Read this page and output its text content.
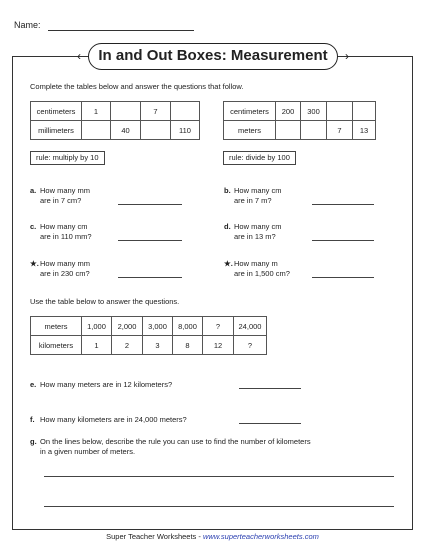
Name:
‹ In and Out Boxes: Measurement ›
Complete the tables below and answer the questions that follow.
centimeters	1		7	
millimeters		40		110
centimeters	200	300		
meters			7	13
rule: multiply by 10	rule: divide by 100
a. How many mm
are in 7 cm?
b. How many cm
are in 7 m?
c. How many cm
are in 110 mm?
d. How many cm
are in 13 m?
★. How many mm
are in 230 cm?
★. How many m
are in 1,500 cm?
Use the table below to answer the questions.
meters	1,000	2,000	3,000	8,000	?	24,000
kilometers	1	2	3	8	12	?
e. How many meters are in 12 kilometers?
f. How many kilometers are in 24,000 meters?
g. On the lines below, describe the rule you can use to find the number of kilometers
in a given number of meters.
Super Teacher Worksheets - www.superteacherworksheets.com
